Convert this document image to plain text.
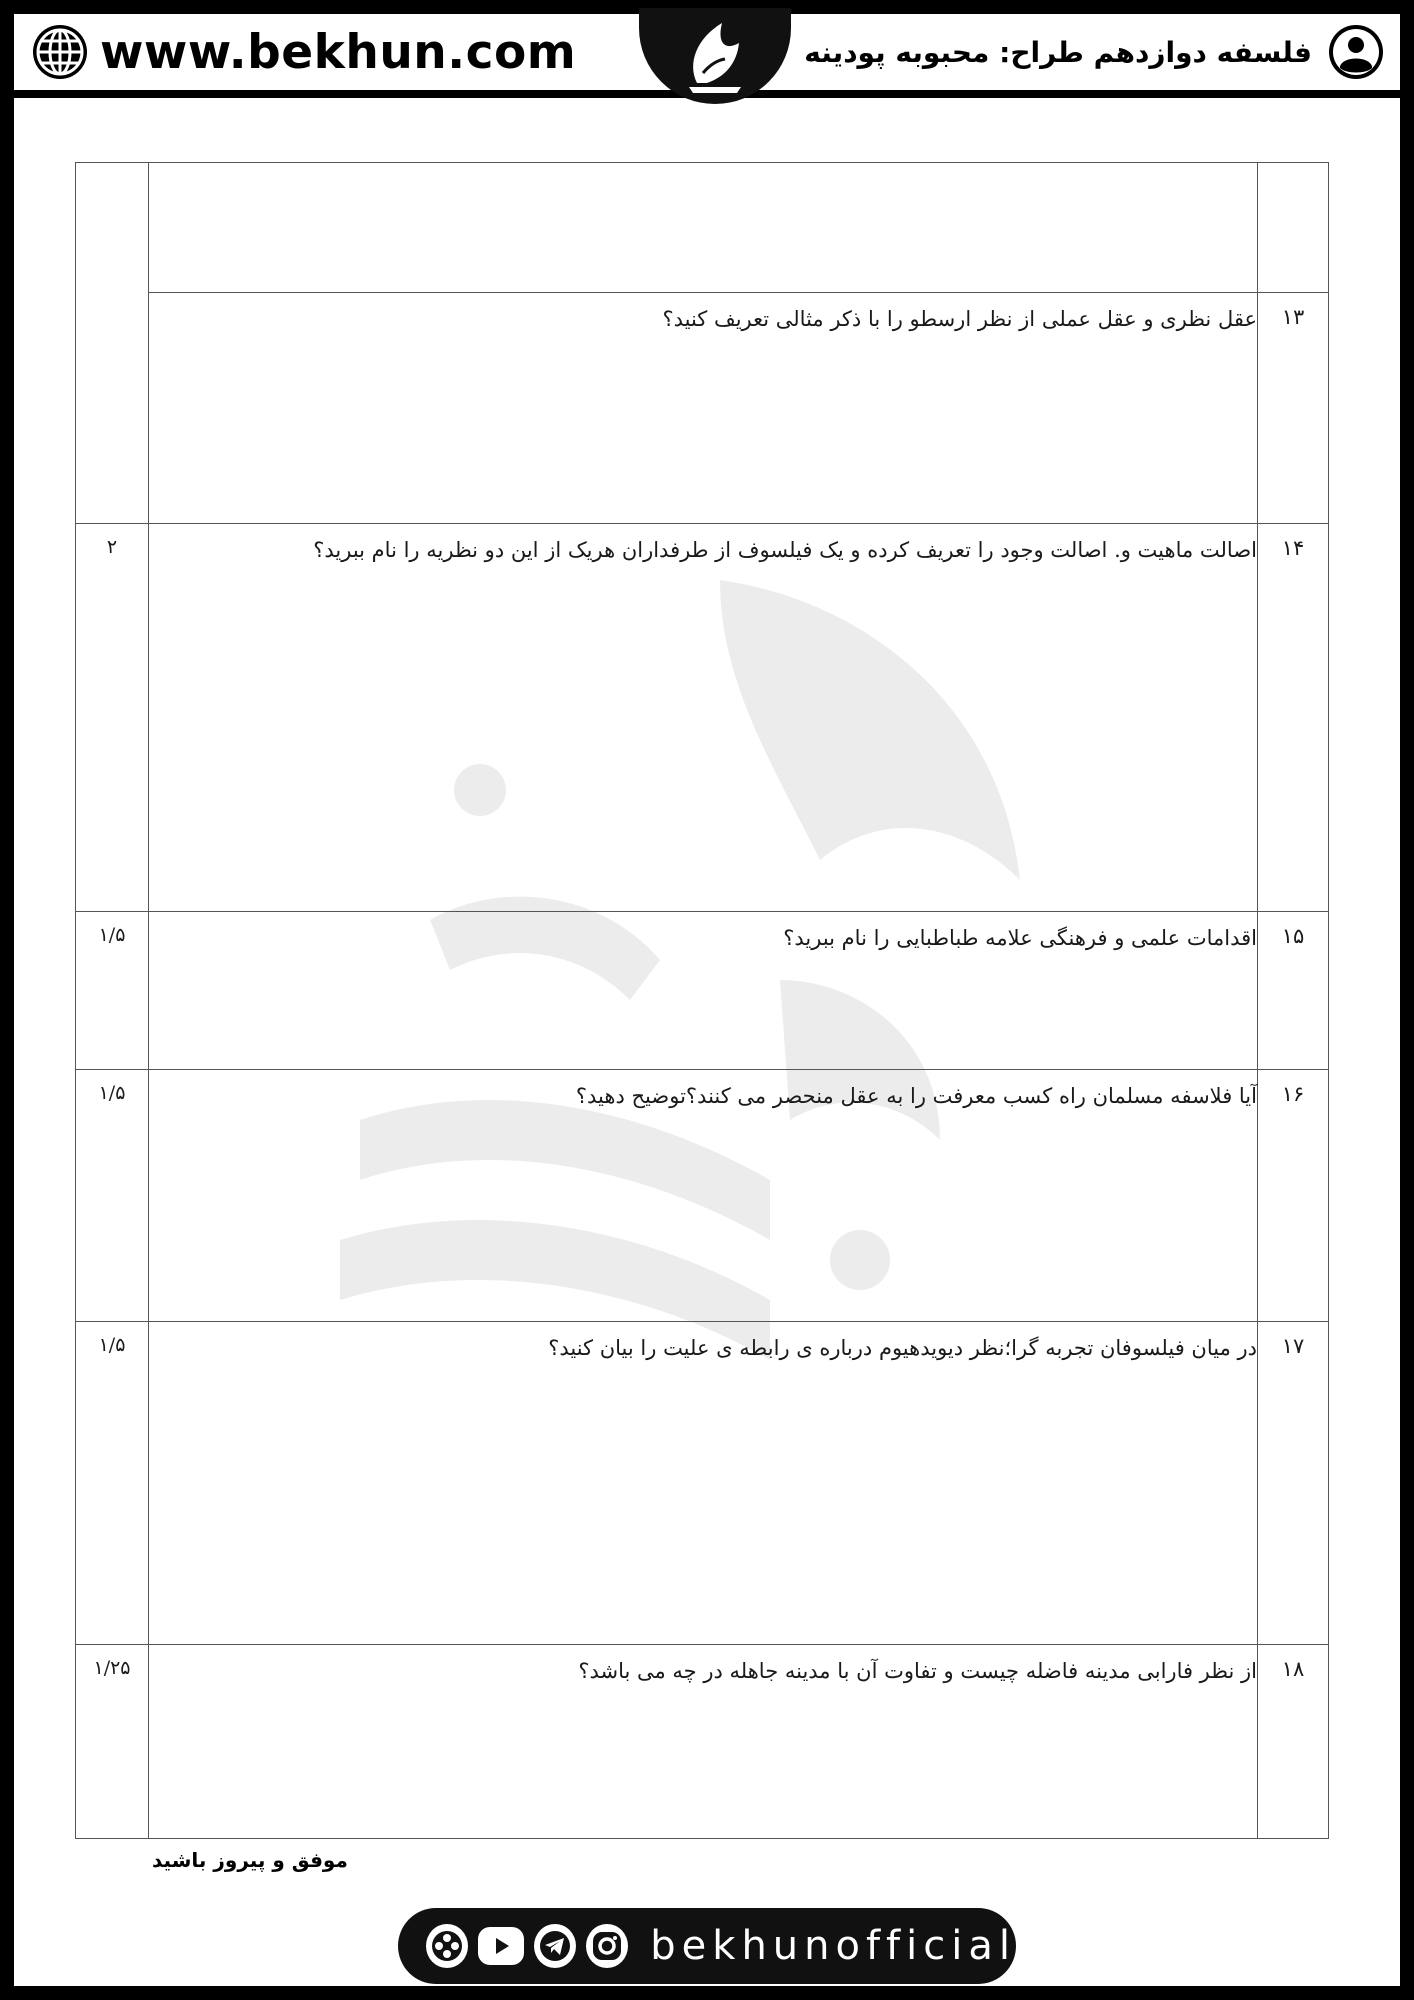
www.bekhun.com	فلسفه دوازدهم طراح: محبوبه پودینه

۱۳	عقل نظری و عقل عملی از نظر ارسطو را با ذکر مثالی تعریف کنید؟	
۱۴	اصالت ماهیت و. اصالت وجود را تعریف کرده و یک فیلسوف از طرفداران هریک از این دو نظریه را نام ببرید؟	۲
۱۵	اقدامات علمی و فرهنگی علامه طباطبایی را نام ببرید؟	۱/۵
۱۶	آیا فلاسفه مسلمان راه کسب معرفت را به عقل منحصر می کنند؟توضیح دهید؟	۱/۵
۱۷	در میان فیلسوفان تجربه گرا؛نظر دیویدهیوم درباره ی رابطه ی علیت را بیان کنید؟	۱/۵
۱۸	از نظر فارابی مدینه فاضله چیست و تفاوت آن با مدینه جاهله در چه می باشد؟	۱/۲۵
موفق و پیروز باشید
bekhunofficial
